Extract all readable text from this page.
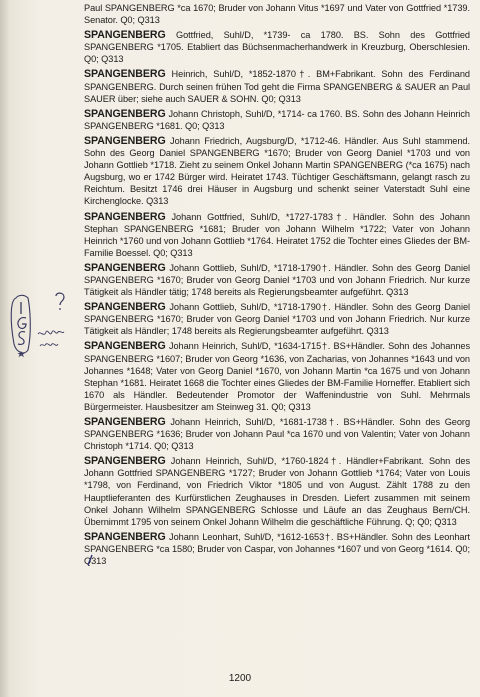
Paul SPANGENBERG *ca 1670; Bruder von Johann Vitus *1697 und Vater von Gottfried *1739. Senator. Q0; Q313

SPANGENBERG Gottfried, Suhl/D, *1739- ca 1780. BS. Sohn des Gottfried SPANGENBERG *1705. Etabliert das Büchsenmacherhandwerk in Kreuzburg, Oberschlesien. Q0; Q313

SPANGENBERG Heinrich, Suhl/D, *1852-1870†. BM+Fabrikant. Sohn des Ferdinand SPANGENBERG. Durch seinen frühen Tod geht die Firma SPANGENBERG & SAUER an Paul SAUER über; siehe auch SAUER & SOHN. Q0; Q313

SPANGENBERG Johann Christoph, Suhl/D, *1714- ca 1760. BS. Sohn des Johann Heinrich SPANGENBERG *1681. Q0; Q313

SPANGENBERG Johann Friedrich, Augsburg/D, *1712-46. Händler. Aus Suhl stammend. Sohn des Georg Daniel SPANGENBERG *1670; Bruder von Georg Daniel *1703 und von Johann Gottlieb *1718. Zieht zu seinem Onkel Johann Martin SPANGENBERG (*ca 1675) nach Augsburg, wo er 1742 Bürger wird. Heiratet 1743. Tüchtiger Geschäftsmann, gelangt rasch zu Reichtum. Besitzt 1746 drei Häuser in Augsburg und schenkt seiner Vaterstadt Suhl eine Kirchenglocke. Q313

SPANGENBERG Johann Gottfried, Suhl/D, *1727-1783†. Händler. Sohn des Johann Stephan SPANGENBERG *1681; Bruder von Johann Wilhelm *1722; Vater von Johann Heinrich *1760 und von Johann Gottlieb *1764. Heiratet 1752 die Tochter eines Gliedes der BM-Familie Boessel. Q0; Q313

SPANGENBERG Johann Gottlieb, Suhl/D, *1718-1790†. Händler. Sohn des Georg Daniel SPANGENBERG *1670; Bruder von Georg Daniel *1703 und von Johann Friedrich. Nur kurze Tätigkeit als Händler tätig; 1748 bereits als Regierungsbeamter aufgeführt. Q313

SPANGENBERG Johann Gottlieb, Suhl/D, *1718-1790†. Händler. Sohn des Georg Daniel SPANGENBERG *1670; Bruder von Georg Daniel *1703 und von Johann Friedrich. Nur kurze Tätigkeit als Händler; 1748 bereits als Regierungsbeamter aufgeführt. Q313

SPANGENBERG Johann Heinrich, Suhl/D, *1634-1715†. BS+Händler. Sohn des Johannes SPANGENBERG *1607; Bruder von Georg *1636, von Zacharias, von Johannes *1643 und von Johannes *1648; Vater von Georg Daniel *1670, von Johann Martin *ca 1675 und von Johann Stephan *1681. Heiratet 1668 die Tochter eines Gliedes der BM-Familie Horneffer. Etabliert sich 1670 als Händler. Bedeutender Promotor der Waffenindustrie von Suhl. Mehrmals Bürgermeister. Hausbesitzer am Steinweg 31. Q0; Q313

SPANGENBERG Johann Heinrich, Suhl/D, *1681-1738†. BS+Händler. Sohn des Georg SPANGENBERG *1636; Bruder von Johann Paul *ca 1670 und von Valentin; Vater von Johann Christoph *1714. Q0; Q313

SPANGENBERG Johann Heinrich, Suhl/D, *1760-1824†. Händler+Fabrikant. Sohn des Johann Gottfried SPANGENBERG *1727; Bruder von Johann Gottlieb *1764; Vater von Louis *1798, von Ferdinand, von Friedrich Viktor *1805 und von August. Zählt 1788 zu den Hauptlieferanten des Kurfürstlichen Zeughauses in Dresden. Liefert zusammen mit seinem Onkel Johann Wilhelm SPANGENBERG Schlosse und Läufe an das Zeughaus Bern/CH. Übernimmt 1795 von seinem Onkel Johann Wilhelm die geschäftliche Führung. Q; Q0; Q313

SPANGENBERG Johann Leonhart, Suhl/D, *1612-1653†. BS+Händler. Sohn des Leonhart SPANGENBERG *ca 1580; Bruder von Caspar, von Johannes *1607 und von Georg *1614. Q0; Q313

1200
